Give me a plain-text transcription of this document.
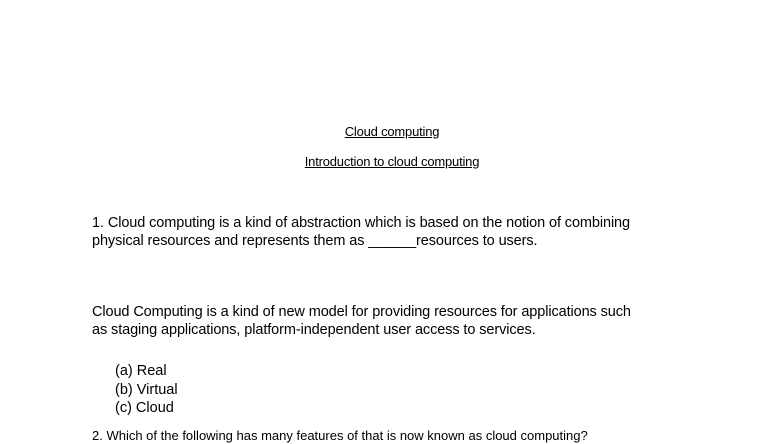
Cloud computing
Introduction to cloud computing
1. Cloud computing is a kind of abstraction which is based on the notion of combining
physical resources and represents them as ______resources to users.
Cloud Computing is a kind of new model for providing resources for applications such
as staging applications, platform-independent user access to services.
(a) Real
(b) Virtual
(c) Cloud
2. Which of the following has many features of that is now known as cloud computing?
